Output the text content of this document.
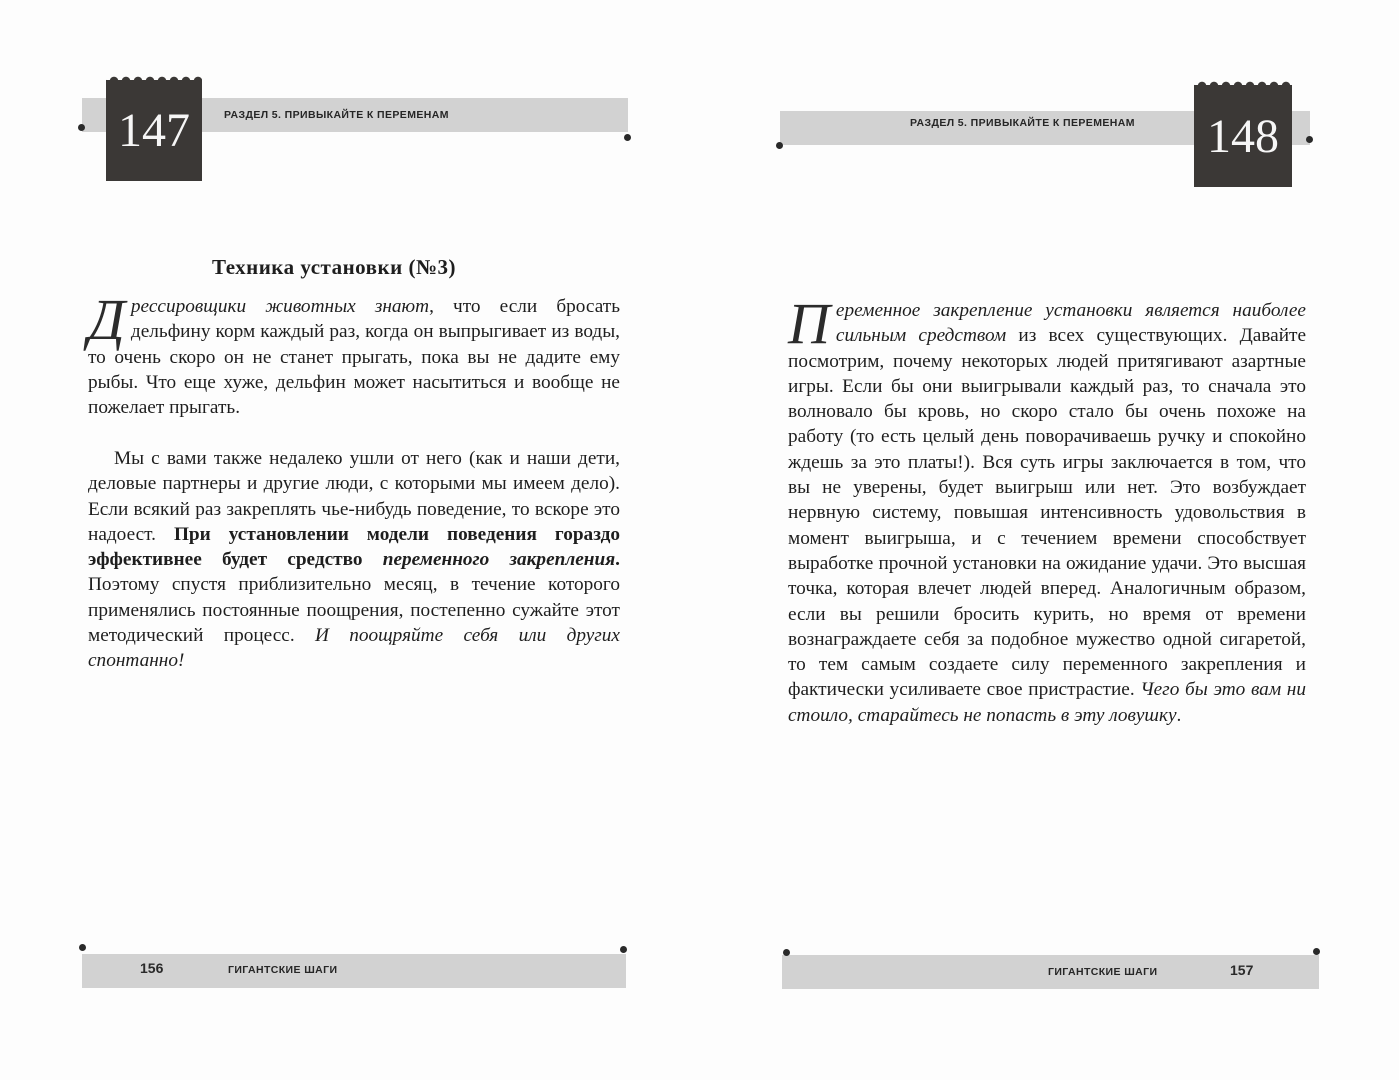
РАЗДЕЛ 5. ПРИВЫКАЙТЕ К ПЕРЕМЕНАМ
147	РАЗДЕЛ 5. ПРИВЫКАЙТЕ К ПЕРЕМЕНАМ 148
Техника установки (№3)
Дрессировщики животных знают, что если бросать дельфину корм каждый раз, когда он выпрыгивает из воды, то очень скоро он не станет прыгать, пока вы не дадите ему рыбы. Что еще хуже, дельфин может насытиться и вообще не пожелает прыгать.
Мы с вами также недалеко ушли от него (как и наши дети, деловые партнеры и другие люди, с которыми мы имеем дело). Если всякий раз закреплять чье-нибудь поведение, то вскоре это надоест. При установлении модели поведения гораздо эффективнее будет средство переменного закрепления. Поэтому спустя приблизительно месяц, в течение которого применялись постоянные поощрения, постепенно сужайте этот методический процесс. И поощряйте себя или других спонтанно!
Переменное закрепление установки является наиболее сильным средством из всех существующих. Давайте посмотрим, почему некоторых людей притягивают азартные игры. Если бы они выигрывали каждый раз, то сначала это волновало бы кровь, но скоро стало бы очень похоже на работу (то есть целый день поворачиваешь ручку и спокойно ждешь за это платы!). Вся суть игры заключается в том, что вы не уверены, будет выигрыш или нет. Это возбуждает нервную систему, повышая интенсивность удовольствия в момент выигрыша, и с течением времени способствует выработке прочной установки на ожидание удачи. Это высшая точка, которая влечет людей вперед. Аналогичным образом, если вы решили бросить курить, но время от времени вознаграждаете себя за подобное мужество одной сигаретой, то тем самым создаете силу переменного закрепления и фактически усиливаете свое пристрастие. Чего бы это вам ни стоило, старайтесь не попасть в эту ловушку.
156	ГИГАНТСКИЕ ШАГИ	ГИГАНТСКИЕ ШАГИ	157
